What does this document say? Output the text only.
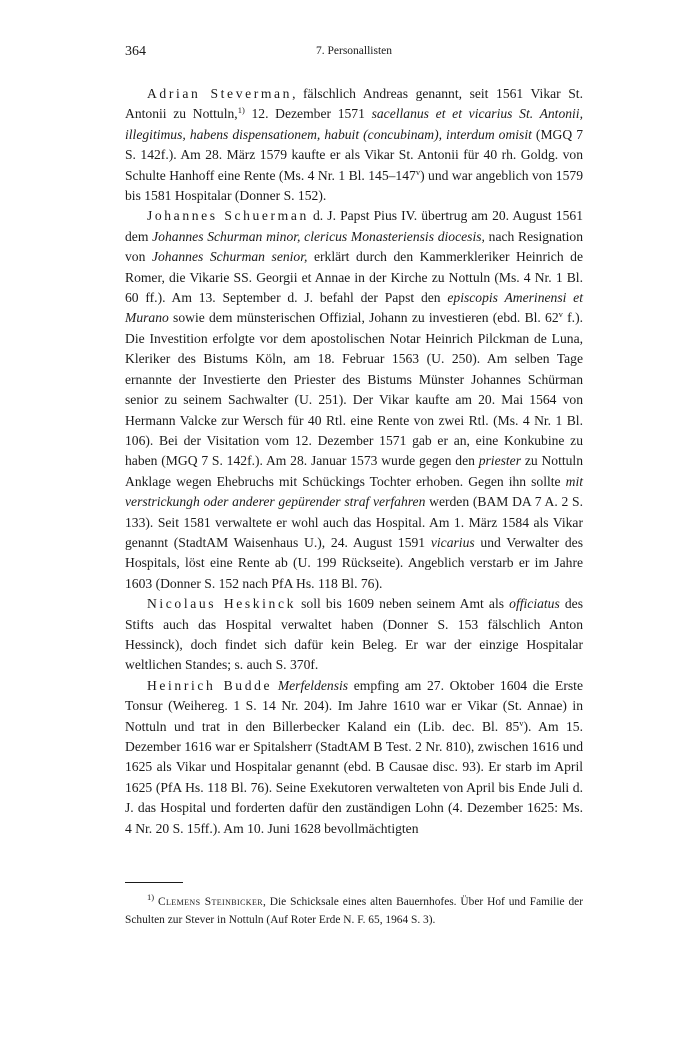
364	7. Personallisten

Adrian Steverman, fälschlich Andreas genannt, seit 1561 Vikar St. Antonii zu Nottuln,$^{1)}$ 12. Dezember 1571 sacellanus et et vicarius St. Antonii, illegitimus, habens dispensationem, habuit (concubinam), interdum omisit (MGQ 7 S. 142f.). Am 28. März 1579 kaufte er als Vikar St. Antonii für 40 rh. Goldg. von Schulte Hanhoff eine Rente (Ms. 4 Nr. 1 Bl. 145–147$^v$) und war angeblich von 1579 bis 1581 Hospitalar (Donner S. 152).

Johannes Schuerman d. J. Papst Pius IV. übertrug am 20. August 1561 dem Johannes Schurman minor, clericus Monasteriensis diocesis, nach Resignation von Johannes Schurman senior, erklärt durch den Kammerkleriker Heinrich de Romer, die Vikarie SS. Georgii et Annae in der Kirche zu Nottuln (Ms. 4 Nr. 1 Bl. 60 ff.). Am 13. September d. J. befahl der Papst den episcopis Amerinensi et Murano sowie dem münsterischen Offizial, Johann zu investieren (ebd. Bl. 62$^v$ f.). Die Investition erfolgte vor dem apostolischen Notar Heinrich Pilckman de Luna, Kleriker des Bistums Köln, am 18. Februar 1563 (U. 250). Am selben Tage ernannte der Investierte den Priester des Bistums Münster Johannes Schürman senior zu seinem Sachwalter (U. 251). Der Vikar kaufte am 20. Mai 1564 von Hermann Valcke zur Wersch für 40 Rtl. eine Rente von zwei Rtl. (Ms. 4 Nr. 1 Bl. 106). Bei der Visitation vom 12. Dezember 1571 gab er an, eine Konkubine zu haben (MGQ 7 S. 142f.). Am 28. Januar 1573 wurde gegen den priester zu Nottuln Anklage wegen Ehebruchs mit Schückings Tochter erhoben. Gegen ihn sollte mit verstrickungh oder anderer gepürender straf verfahren werden (BAM DA 7 A. 2 S. 133). Seit 1581 verwaltete er wohl auch das Hospital. Am 1. März 1584 als Vikar genannt (StadtAM Waisenhaus U.), 24. August 1591 vicarius und Verwalter des Hospitals, löst eine Rente ab (U. 199 Rückseite). Angeblich verstarb er im Jahre 1603 (Donner S. 152 nach PfA Hs. 118 Bl. 76).

Nicolaus Heskinck soll bis 1609 neben seinem Amt als officiatus des Stifts auch das Hospital verwaltet haben (Donner S. 153 fälschlich Anton Hessinck), doch findet sich dafür kein Beleg. Er war der einzige Hospitalar weltlichen Standes; s. auch S. 370f.

Heinrich Budde Merfeldensis empfing am 27. Oktober 1604 die Erste Tonsur (Weihereg. 1 S. 14 Nr. 204). Im Jahre 1610 war er Vikar (St. Annae) in Nottuln und trat in den Billerbecker Kaland ein (Lib. dec. Bl. 85$^v$). Am 15. Dezember 1616 war er Spitalsherr (StadtAM B Test. 2 Nr. 810), zwischen 1616 und 1625 als Vikar und Hospitalar genannt (ebd. B Causae disc. 93). Er starb im April 1625 (PfA Hs. 118 Bl. 76). Seine Exekutoren verwalteten von April bis Ende Juli d. J. das Hospital und forderten dafür den zuständigen Lohn (4. Dezember 1625: Ms. 4 Nr. 20 S. 15ff.). Am 10. Juni 1628 bevollmächtigten

$^{1)}$ Clemens Steinbicker, Die Schicksale eines alten Bauernhofes. Über Hof und Familie der Schulten zur Stever in Nottuln (Auf Roter Erde N. F. 65, 1964 S. 3).
